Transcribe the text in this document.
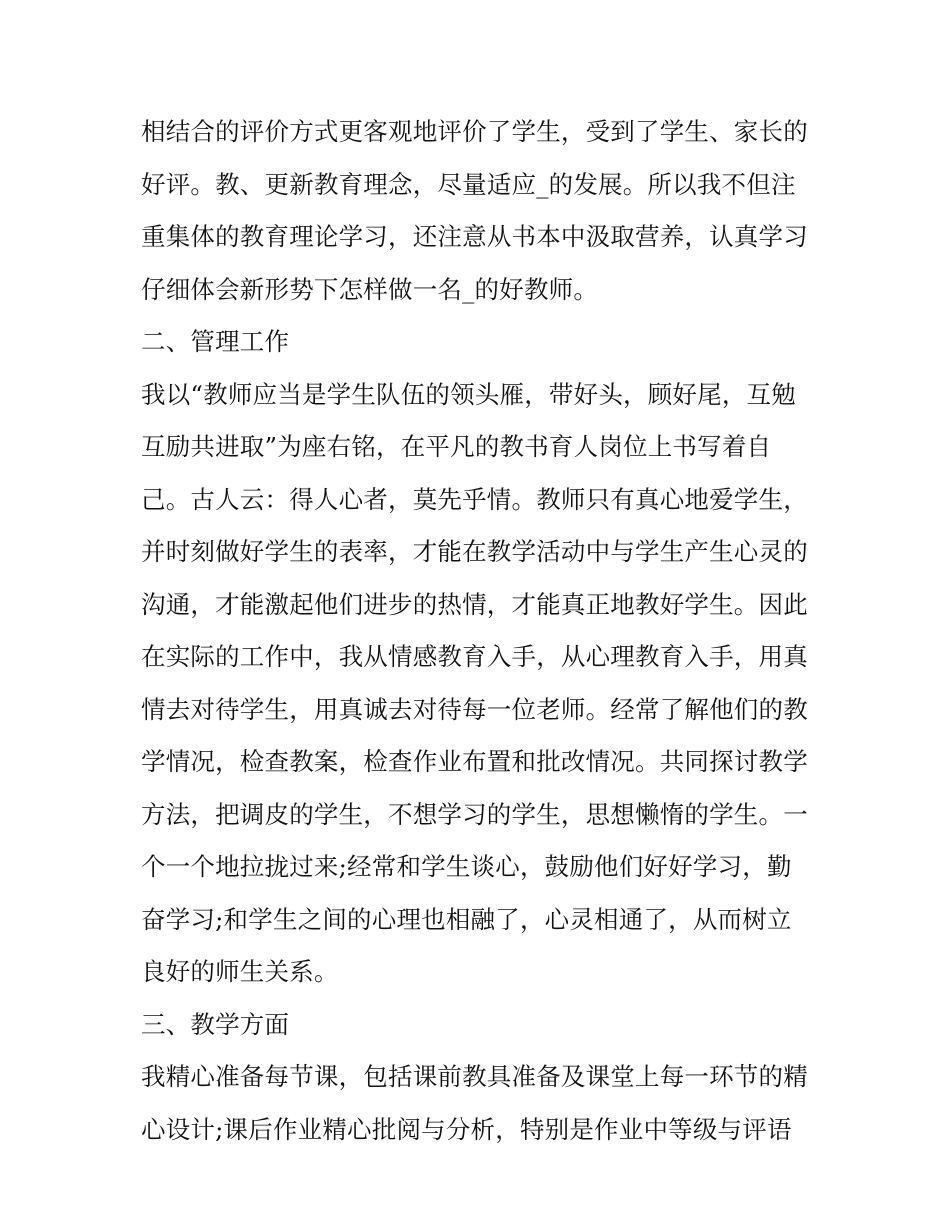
相结合的评价方式更客观地评价了学生，受到了学生、家长的
好评。教、更新教育理念，尽量适应_的发展。所以我不但注
重集体的教育理论学习，还注意从书本中汲取营养，认真学习
仔细体会新形势下怎样做一名_的好教师。
二、管理工作
我以“教师应当是学生队伍的领头雁，带好头，顾好尾，互勉
互励共进取”为座右铭，在平凡的教书育人岗位上书写着自
己。古人云：得人心者，莫先乎情。教师只有真心地爱学生，
并时刻做好学生的表率，才能在教学活动中与学生产生心灵的
沟通，才能激起他们进步的热情，才能真正地教好学生。因此
在实际的工作中，我从情感教育入手，从心理教育入手，用真
情去对待学生，用真诚去对待每一位老师。经常了解他们的教
学情况，检查教案，检查作业布置和批改情况。共同探讨教学
方法，把调皮的学生，不想学习的学生，思想懒惰的学生。一
个一个地拉拢过来;经常和学生谈心，鼓励他们好好学习，勤
奋学习;和学生之间的心理也相融了，心灵相通了，从而树立
良好的师生关系。
三、教学方面
我精心准备每节课，包括课前教具准备及课堂上每一环节的精
心设计;课后作业精心批阅与分析，特别是作业中等级与评语
